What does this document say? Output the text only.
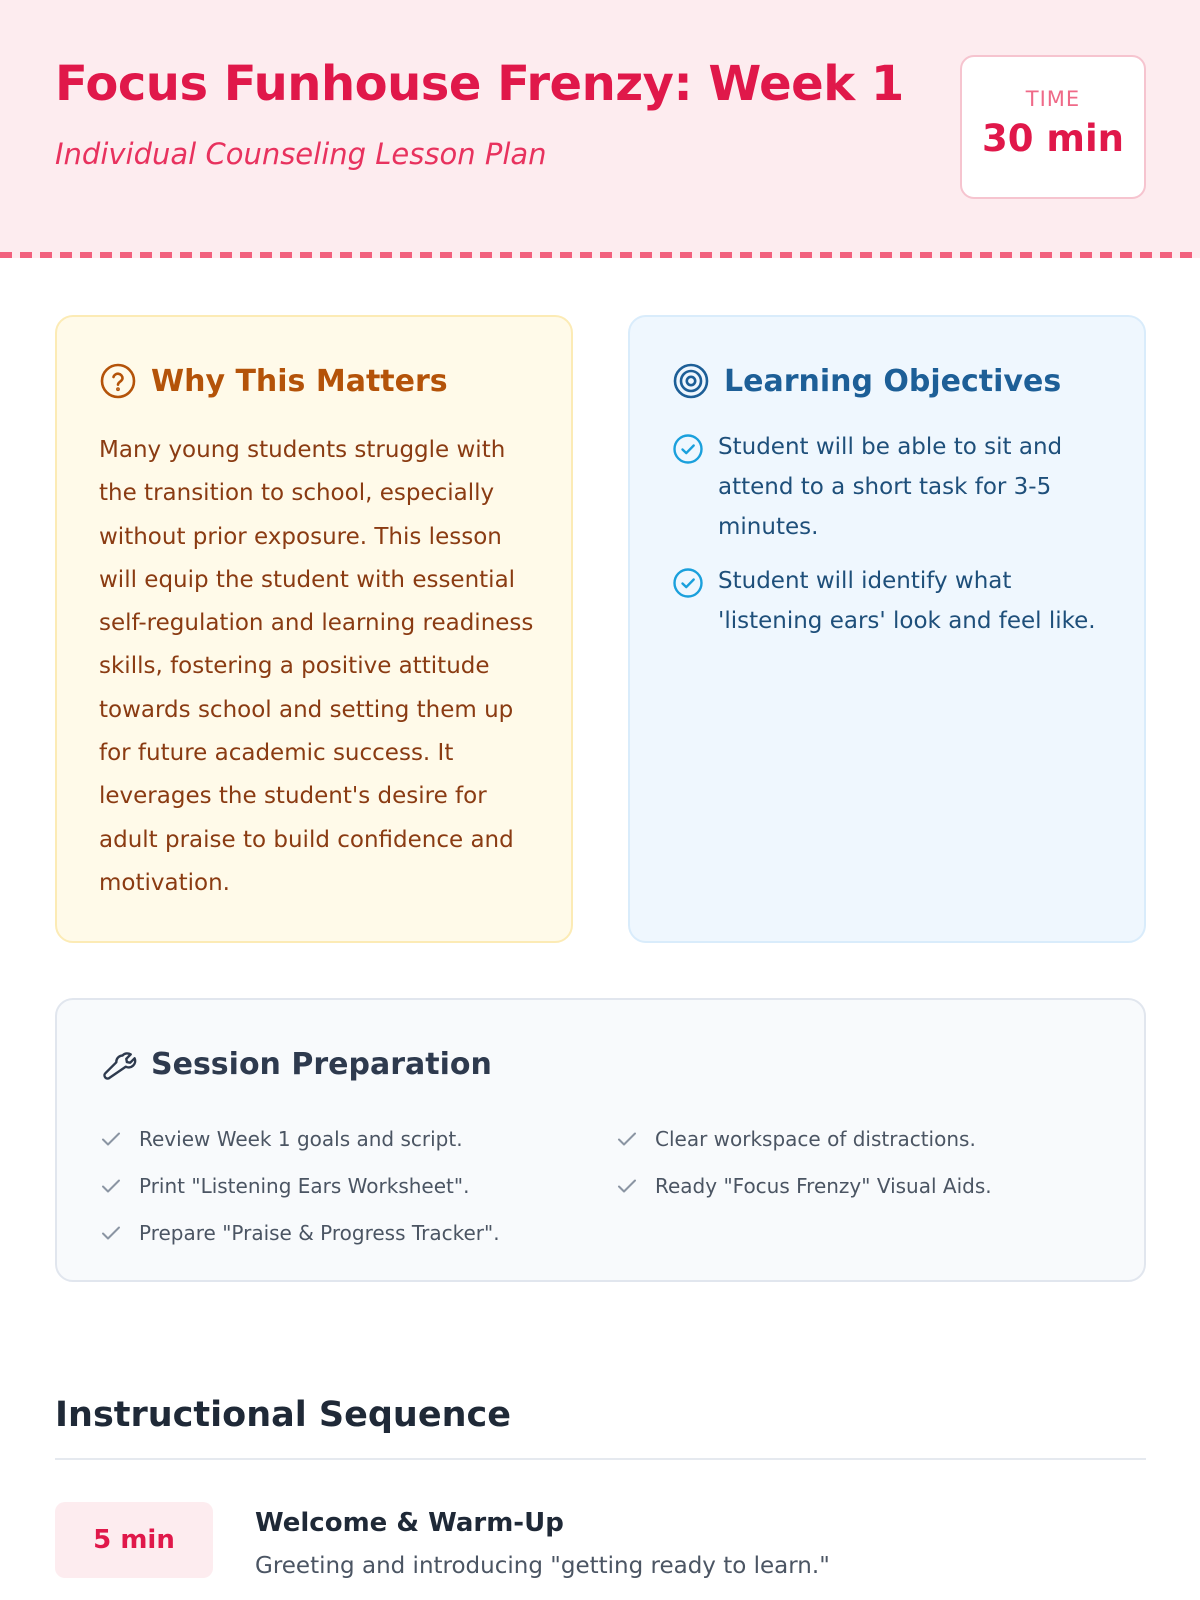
Focus Funhouse Frenzy: Week 1
Individual Counseling Lesson Plan
TIME
30 min
Why This Matters

Many young students struggle with the transition to school, especially without prior exposure. This lesson will equip the student with essential self-regulation and learning readiness skills, fostering a positive attitude towards school and setting them up for future academic success. It leverages the student's desire for adult praise to build confidence and motivation.

Learning Objectives
Student will be able to sit and attend to a short task for 3-5 minutes.
Student will identify what 'listening ears' look and feel like.
Session Preparation
Review Week 1 goals and script.
Print "Listening Ears Worksheet".
Prepare "Praise & Progress Tracker".
Clear workspace of distractions.
Ready "Focus Frenzy" Visual Aids.
Instructional Sequence
5 min
Welcome & Warm-Up
Greeting and introducing "getting ready to learn."
